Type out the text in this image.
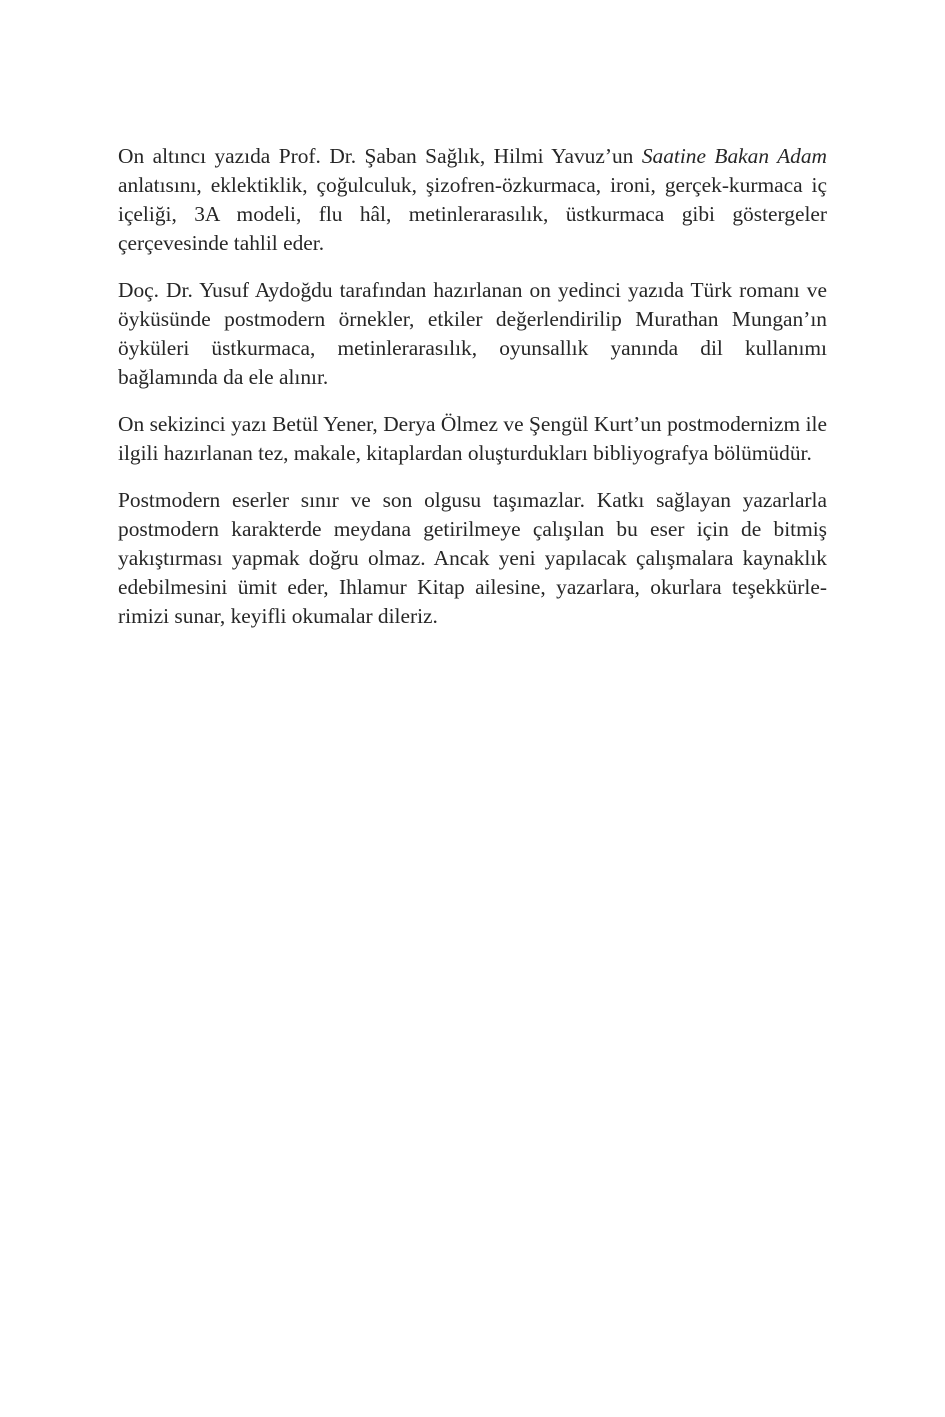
On altıncı yazıda Prof. Dr. Şaban Sağlık, Hilmi Yavuz’un Saatine Bakan Adam anlatısını, eklektiklik, çoğulculuk, şizofren-özkurmaca, ironi, gerçek-kurmaca iç içeliği, 3A modeli, flu hâl, metinlerarasılık, üstkurmaca gibi göstergeler çerçevesinde tahlil eder.

Doç. Dr. Yusuf Aydoğdu tarafından hazırlanan on yedinci yazıda Türk romanı ve öyküsünde postmodern örnekler, etkiler değerlendirilip Murathan Mungan’ın öyküleri üstkurmaca, metinlerarasılık, oyunsallık yanında dil kullanımı bağlamında da ele alınır.

On sekizinci yazı Betül Yener, Derya Ölmez ve Şengül Kurt’un postmodernizm ile ilgili hazırlanan tez, makale, kitaplardan oluşturdukları bibliyografya bölümüdür.

Postmodern eserler sınır ve son olgusu taşımazlar. Katkı sağlayan yazarlarla postmodern karakterde meydana getirilmeye çalışılan bu eser için de bitmiş yakıştırması yapmak doğru olmaz. Ancak yeni yapılacak çalışmalara kaynaklık edebilmesini ümit eder, Ihlamur Kitap ailesine, yazarlara, okurlara teşekkürlerimizi sunar, keyifli okumalar dileriz.
